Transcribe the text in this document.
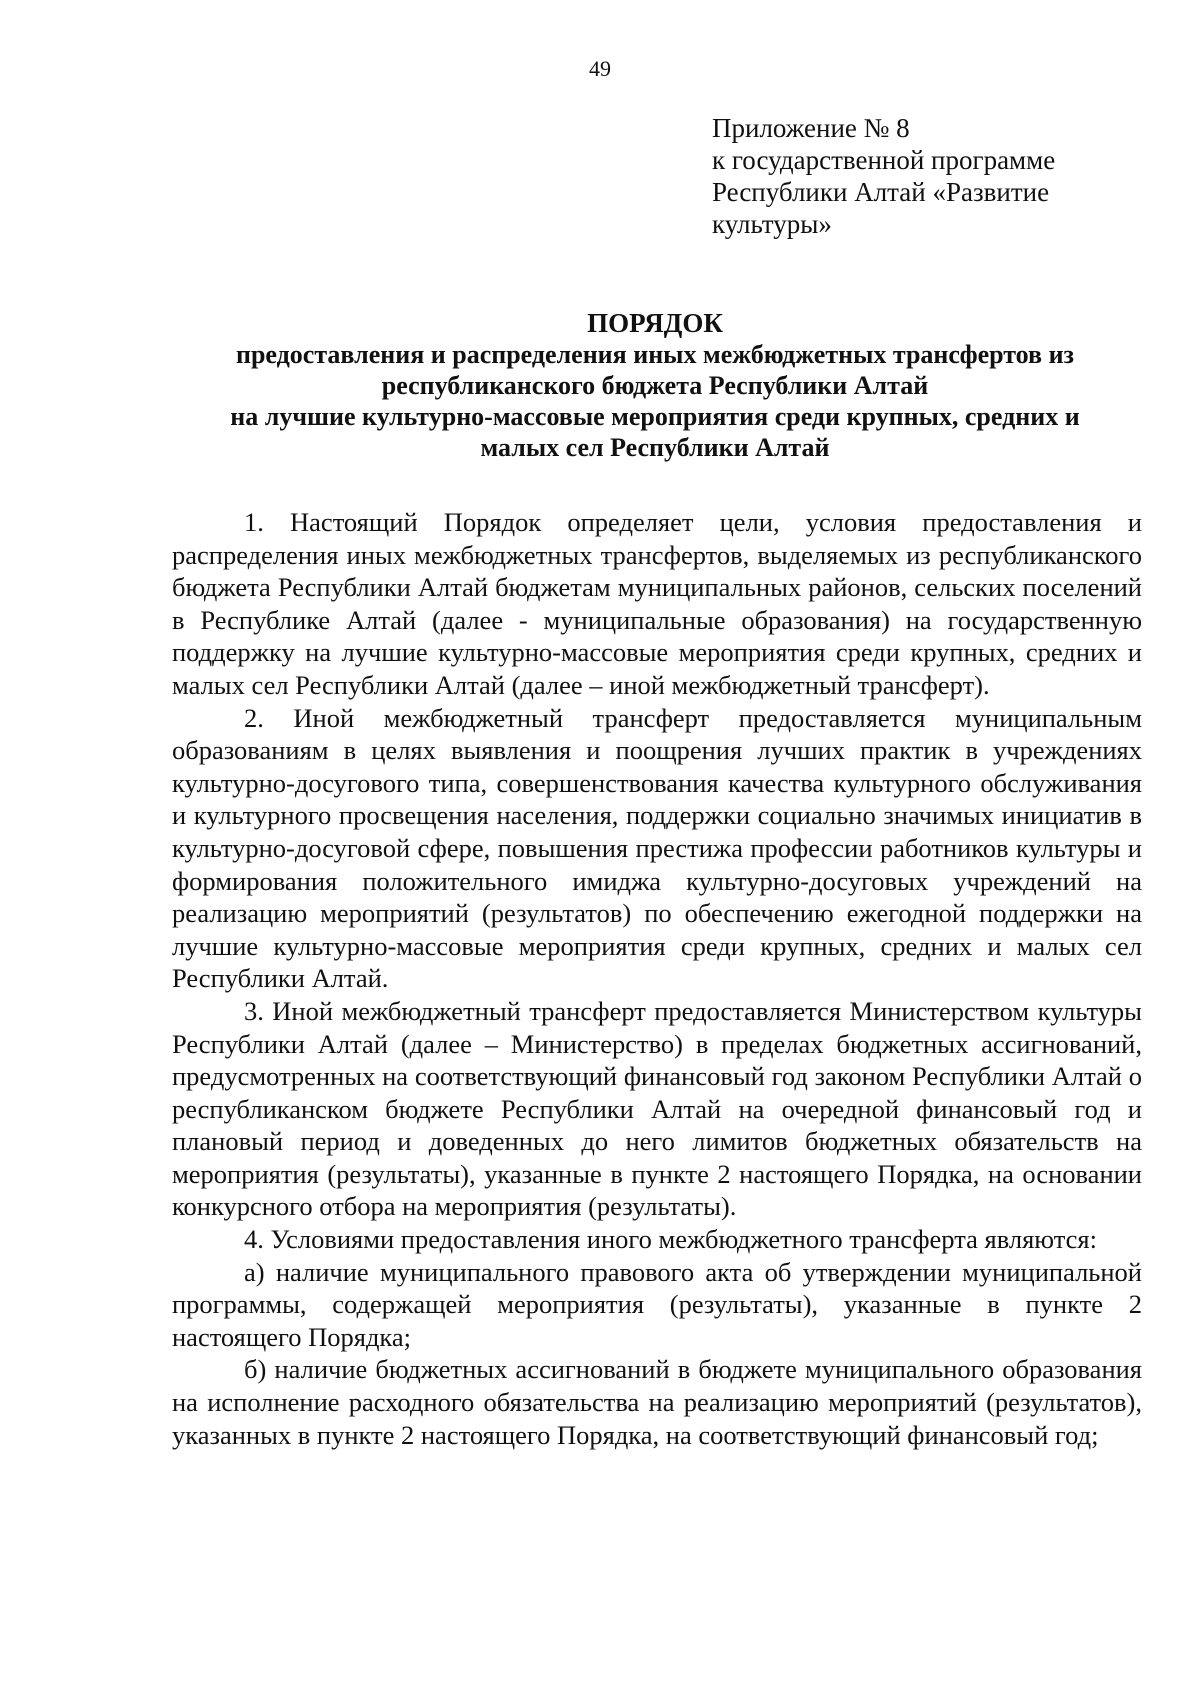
49
Приложение № 8
к государственной программе
Республики Алтай «Развитие
культуры»
ПОРЯДОК
предоставления и распределения иных межбюджетных трансфертов из
республиканского бюджета Республики Алтай
на лучшие культурно-массовые мероприятия среди крупных, средних и
малых сел Республики Алтай

1. Настоящий Порядок определяет цели, условия предоставления и распределения иных межбюджетных трансфертов, выделяемых из республиканского бюджета Республики Алтай бюджетам муниципальных районов, сельских поселений в Республике Алтай (далее - муниципальные образования) на государственную поддержку на лучшие культурно-массовые мероприятия среди крупных, средних и малых сел Республики Алтай (далее – иной межбюджетный трансферт).

2. Иной межбюджетный трансферт предоставляется муниципальным образованиям в целях выявления и поощрения лучших практик в учреждениях культурно-досугового типа, совершенствования качества культурного обслуживания и культурного просвещения населения, поддержки социально значимых инициатив в культурно-досуговой сфере, повышения престижа профессии работников культуры и формирования положительного имиджа культурно-досуговых учреждений на реализацию мероприятий (результатов) по обеспечению ежегодной поддержки на лучшие культурно-массовые мероприятия среди крупных, средних и малых сел Республики Алтай.

3. Иной межбюджетный трансферт предоставляется Министерством культуры Республики Алтай (далее – Министерство) в пределах бюджетных ассигнований, предусмотренных на соответствующий финансовый год законом Республики Алтай о республиканском бюджете Республики Алтай на очередной финансовый год и плановый период и доведенных до него лимитов бюджетных обязательств на мероприятия (результаты), указанные в пункте 2 настоящего Порядка, на основании конкурсного отбора на мероприятия (результаты).

4. Условиями предоставления иного межбюджетного трансферта являются:

а) наличие муниципального правового акта об утверждении муниципальной программы, содержащей мероприятия (результаты), указанные в пункте 2 настоящего Порядка;

б) наличие бюджетных ассигнований в бюджете муниципального образования на исполнение расходного обязательства на реализацию мероприятий (результатов), указанных в пункте 2 настоящего Порядка, на соответствующий финансовый год;
